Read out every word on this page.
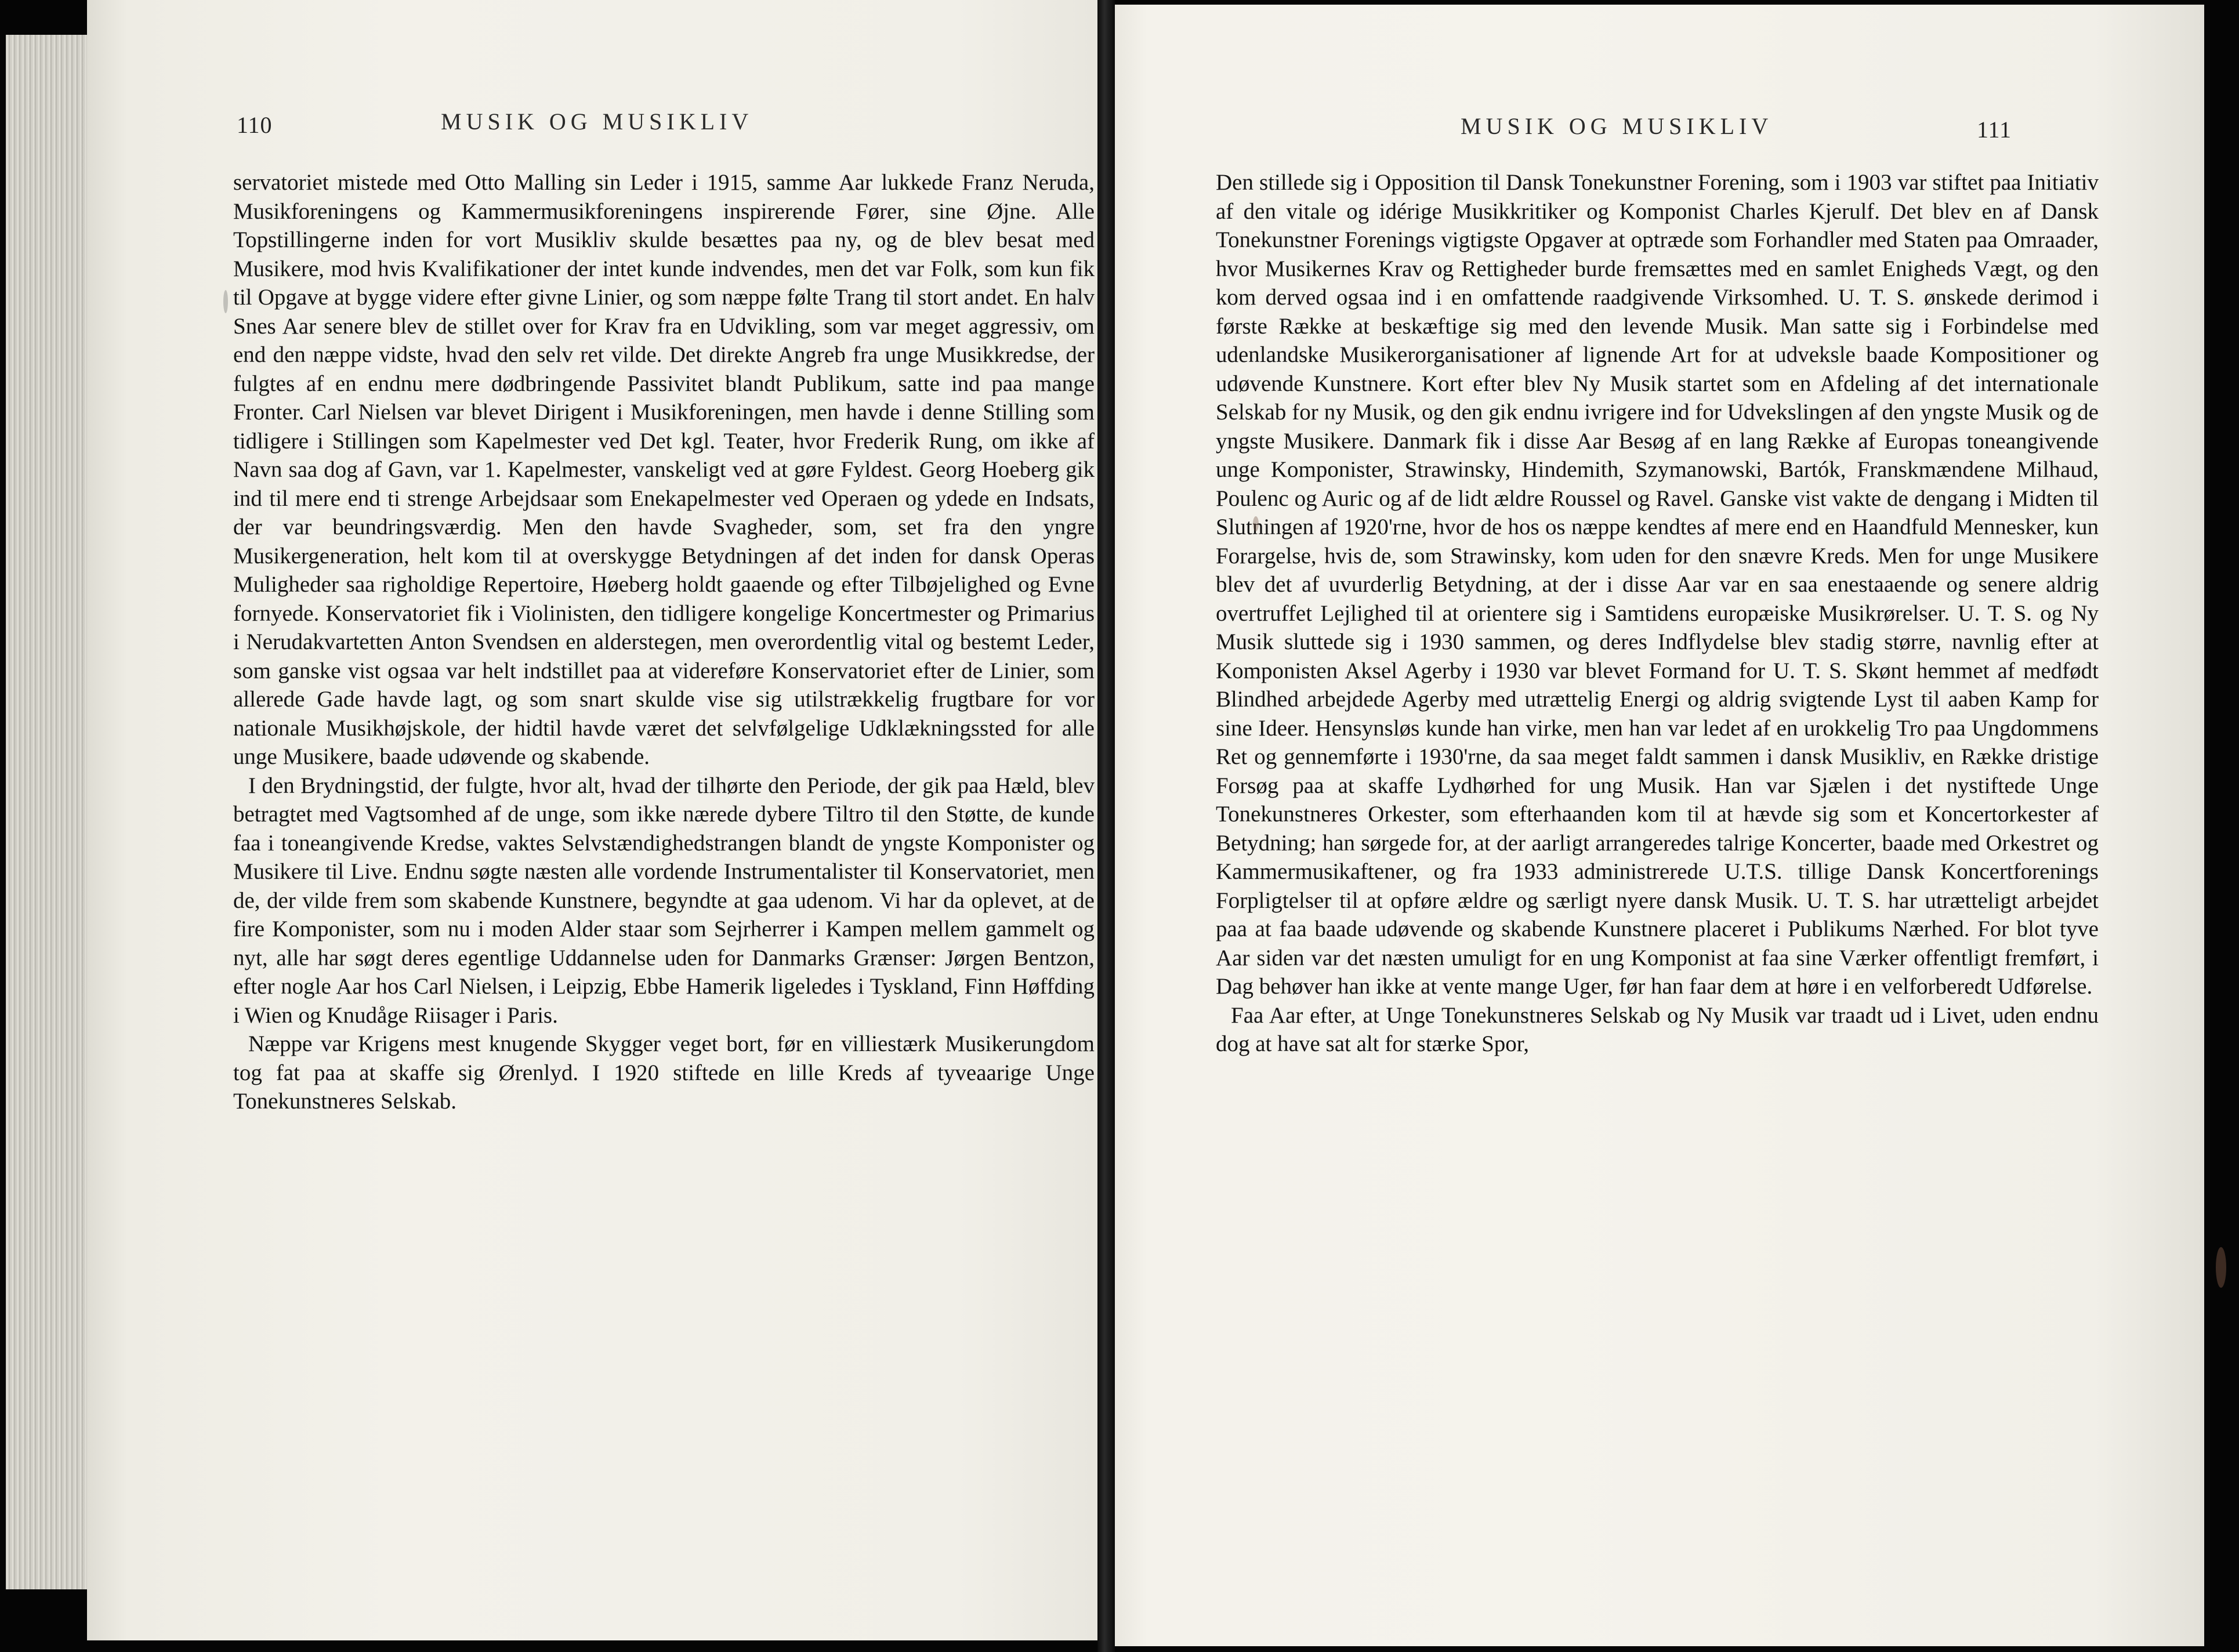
110	MUSIK OG MUSIKLIV

servatoriet mistede med Otto Malling sin Leder i 1915, samme Aar lukkede Franz Neruda, Musikforeningens og Kammermusikforeningens inspirerende Fører, sine Øjne. Alle Topstillingerne inden for vort Musikliv skulde besættes paa ny, og de blev besat med Musikere, mod hvis Kvalifikationer der intet kunde indvendes, men det var Folk, som kun fik til Opgave at bygge videre efter givne Linier, og som næppe følte Trang til stort andet. En halv Snes Aar senere blev de stillet over for Krav fra en Udvikling, som var meget aggressiv, om end den næppe vidste, hvad den selv ret vilde. Det direkte Angreb fra unge Musikkredse, der fulgtes af en endnu mere dødbringende Passivitet blandt Publikum, satte ind paa mange Fronter. Carl Nielsen var blevet Dirigent i Musikforeningen, men havde i denne Stilling som tidligere i Stillingen som Kapelmester ved Det kgl. Teater, hvor Frederik Rung, om ikke af Navn saa dog af Gavn, var 1. Kapelmester, vanskeligt ved at gøre Fyldest. Georg Hoeberg gik ind til mere end ti strenge Arbejdsaar som Enekapelmester ved Operaen og ydede en Indsats, der var beundringsværdig. Men den havde Svagheder, som, set fra den yngre Musikergeneration, helt kom til at overskygge Betydningen af det inden for dansk Operas Muligheder saa righoldige Repertoire, Høeberg holdt gaaende og efter Tilbøjelighed og Evne fornyede. Konservatoriet fik i Violinisten, den tidligere kongelige Koncertmester og Primarius i Nerudakvartetten Anton Svendsen en alderstegen, men overordentlig vital og bestemt Leder, som ganske vist ogsaa var helt indstillet paa at videreføre Konservatoriet efter de Linier, som allerede Gade havde lagt, og som snart skulde vise sig utilstrækkelig frugtbare for vor nationale Musikhøjskole, der hidtil havde været det selvfølgelige Udklækningssted for alle unge Musikere, baade udøvende og skabende.

I den Brydningstid, der fulgte, hvor alt, hvad der tilhørte den Periode, der gik paa Hæld, blev betragtet med Vagtsomhed af de unge, som ikke nærede dybere Tiltro til den Støtte, de kunde faa i toneangivende Kredse, vaktes Selvstændighedstrangen blandt de yngste Komponister og Musikere til Live. Endnu søgte næsten alle vordende Instrumentalister til Konservatoriet, men de, der vilde frem som skabende Kunstnere, begyndte at gaa udenom. Vi har da oplevet, at de fire Komponister, som nu i moden Alder staar som Sejrherrer i Kampen mellem gammelt og nyt, alle har søgt deres egentlige Uddannelse uden for Danmarks Grænser: Jørgen Bentzon, efter nogle Aar hos Carl Nielsen, i Leipzig, Ebbe Hamerik ligeledes i Tyskland, Finn Høffding i Wien og Knudåge Riisager i Paris.

Næppe var Krigens mest knugende Skygger veget bort, før en villiestærk Musikerungdom tog fat paa at skaffe sig Ørenlyd. I 1920 stiftede en lille Kreds af tyveaarige Unge Tonekunstneres Selskab.

MUSIK OG MUSIKLIV	111

Den stillede sig i Opposition til Dansk Tonekunstner Forening, som i 1903 var stiftet paa Initiativ af den vitale og idérige Musikkritiker og Komponist Charles Kjerulf. Det blev en af Dansk Tonekunstner Forenings vigtigste Opgaver at optræde som Forhandler med Staten paa Omraader, hvor Musikernes Krav og Rettigheder burde fremsættes med en samlet Enigheds Vægt, og den kom derved ogsaa ind i en omfattende raadgivende Virksomhed. U. T. S. ønskede derimod i første Række at beskæftige sig med den levende Musik. Man satte sig i Forbindelse med udenlandske Musikerorganisationer af lignende Art for at udveksle baade Kompositioner og udøvende Kunstnere. Kort efter blev Ny Musik startet som en Afdeling af det internationale Selskab for ny Musik, og den gik endnu ivrigere ind for Udvekslingen af den yngste Musik og de yngste Musikere. Danmark fik i disse Aar Besøg af en lang Række af Europas toneangivende unge Komponister, Strawinsky, Hindemith, Szymanowski, Bartók, Franskmændene Milhaud, Poulenc og Auric og af de lidt ældre Roussel og Ravel. Ganske vist vakte de dengang i Midten til Slutningen af 1920'rne, hvor de hos os næppe kendtes af mere end en Haandfuld Mennesker, kun Forargelse, hvis de, som Strawinsky, kom uden for den snævre Kreds. Men for unge Musikere blev det af uvurderlig Betydning, at der i disse Aar var en saa enestaaende og senere aldrig overtruffet Lejlighed til at orientere sig i Samtidens europæiske Musikrørelser. U. T. S. og Ny Musik sluttede sig i 1930 sammen, og deres Indflydelse blev stadig større, navnlig efter at Komponisten Aksel Agerby i 1930 var blevet Formand for U. T. S. Skønt hemmet af medfødt Blindhed arbejdede Agerby med utrættelig Energi og aldrig svigtende Lyst til aaben Kamp for sine Ideer. Hensynsløs kunde han virke, men han var ledet af en urokkelig Tro paa Ungdommens Ret og gennemførte i 1930'rne, da saa meget faldt sammen i dansk Musikliv, en Række dristige Forsøg paa at skaffe Lydhørhed for ung Musik. Han var Sjælen i det nystiftede Unge Tonekunstneres Orkester, som efterhaanden kom til at hævde sig som et Koncertorkester af Betydning; han sørgede for, at der aarligt arrangeredes talrige Koncerter, baade med Orkestret og Kammermusikaftener, og fra 1933 administrerede U.T.S. tillige Dansk Koncertforenings Forpligtelser til at opføre ældre og særligt nyere dansk Musik. U. T. S. har utrætteligt arbejdet paa at faa baade udøvende og skabende Kunstnere placeret i Publikums Nærhed. For blot tyve Aar siden var det næsten umuligt for en ung Komponist at faa sine Værker offentligt fremført, i Dag behøver han ikke at vente mange Uger, før han faar dem at høre i en velforberedt Udførelse.

Faa Aar efter, at Unge Tonekunstneres Selskab og Ny Musik var traadt ud i Livet, uden endnu dog at have sat alt for stærke Spor,
